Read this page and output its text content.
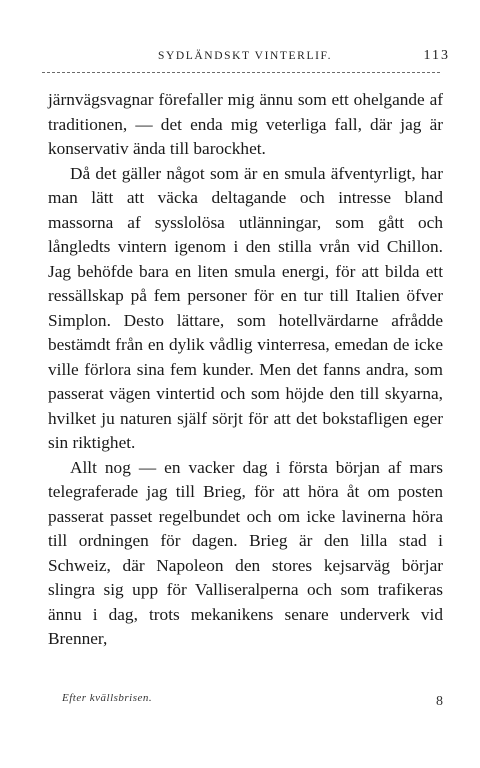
SYDLÄNDSKT VINTERLIF.	113

järnvägsvagnar förefaller mig ännu som ett ohelgande af traditionen, — det enda mig veterliga fall, där jag är konservativ ända till barockhet.

Då det gäller något som är en smula äfventyrligt, har man lätt att väcka deltagande och intresse bland massorna af sysslolösa utlänningar, som gått och långledts vintern igenom i den stilla vrån vid Chillon. Jag behöfde bara en liten smula energi, för att bilda ett ressällskap på fem personer för en tur till Italien öfver Simplon. Desto lättare, som hotellvärdarne afrådde bestämdt från en dylik vådlig vinterresa, emedan de icke ville förlora sina fem kunder. Men det fanns andra, som passerat vägen vintertid och som höjde den till skyarna, hvilket ju naturen själf sörjt för att det bokstafligen eger sin riktighet.

Allt nog — en vacker dag i första början af mars telegraferade jag till Brieg, för att höra åt om posten passerat passet regelbundet och om icke lavinerna höra till ordningen för dagen. Brieg är den lilla stad i Schweiz, där Napoleon den stores kejsarväg börjar slingra sig upp för Valliseralperna och som trafikeras ännu i dag, trots mekanikens senare underverk vid Brenner,

Efter kvällsbrisen.	8
